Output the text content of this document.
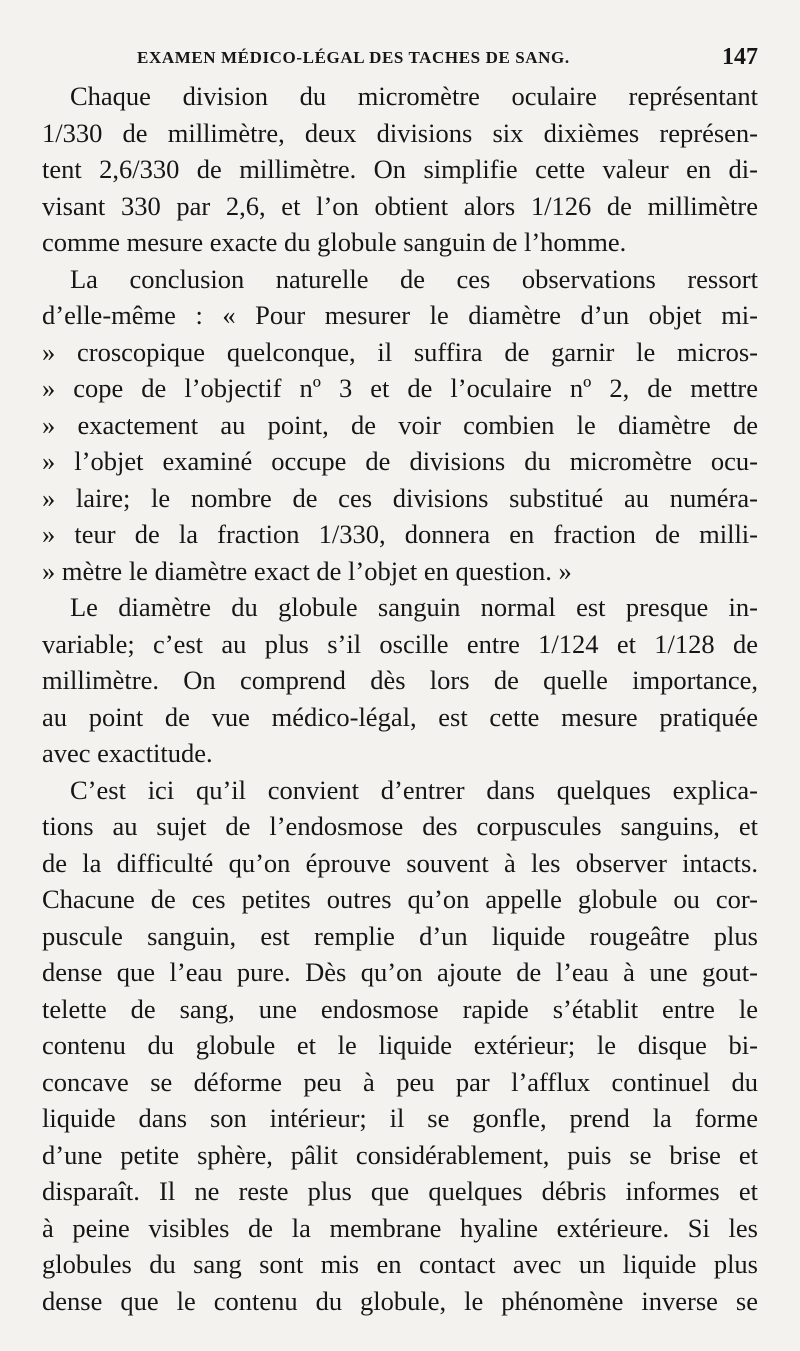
EXAMEN MÉDICO-LÉGAL DES TACHES DE SANG.	147
Chaque division du micromètre oculaire représentant
1/330 de millimètre, deux divisions six dixièmes représen-
tent 2,6/330 de millimètre. On simplifie cette valeur en di-
visant 330 par 2,6, et l’on obtient alors 1/126 de millimètre
comme mesure exacte du globule sanguin de l’homme.
La conclusion naturelle de ces observations ressort
d’elle-même : « Pour mesurer le diamètre d’un objet mi-
» croscopique quelconque, il suffira de garnir le micros-
» cope de l’objectif nº 3 et de l’oculaire nº 2, de mettre
» exactement au point, de voir combien le diamètre de
» l’objet examiné occupe de divisions du micromètre ocu-
» laire; le nombre de ces divisions substitué au numéra-
» teur de la fraction 1/330, donnera en fraction de milli-
» mètre le diamètre exact de l’objet en question. »
Le diamètre du globule sanguin normal est presque in-
variable; c’est au plus s’il oscille entre 1/124 et 1/128 de
millimètre. On comprend dès lors de quelle importance,
au point de vue médico-légal, est cette mesure pratiquée
avec exactitude.
C’est ici qu’il convient d’entrer dans quelques explica-
tions au sujet de l’endosmose des corpuscules sanguins, et
de la difficulté qu’on éprouve souvent à les observer intacts.
Chacune de ces petites outres qu’on appelle globule ou cor-
puscule sanguin, est remplie d’un liquide rougeâtre plus
dense que l’eau pure. Dès qu’on ajoute de l’eau à une gout-
telette de sang, une endosmose rapide s’établit entre le
contenu du globule et le liquide extérieur; le disque bi-
concave se déforme peu à peu par l’afflux continuel du
liquide dans son intérieur; il se gonfle, prend la forme
d’une petite sphère, pâlit considérablement, puis se brise et
disparaît. Il ne reste plus que quelques débris informes et
à peine visibles de la membrane hyaline extérieure. Si les
globules du sang sont mis en contact avec un liquide plus
dense que le contenu du globule, le phénomène inverse se
